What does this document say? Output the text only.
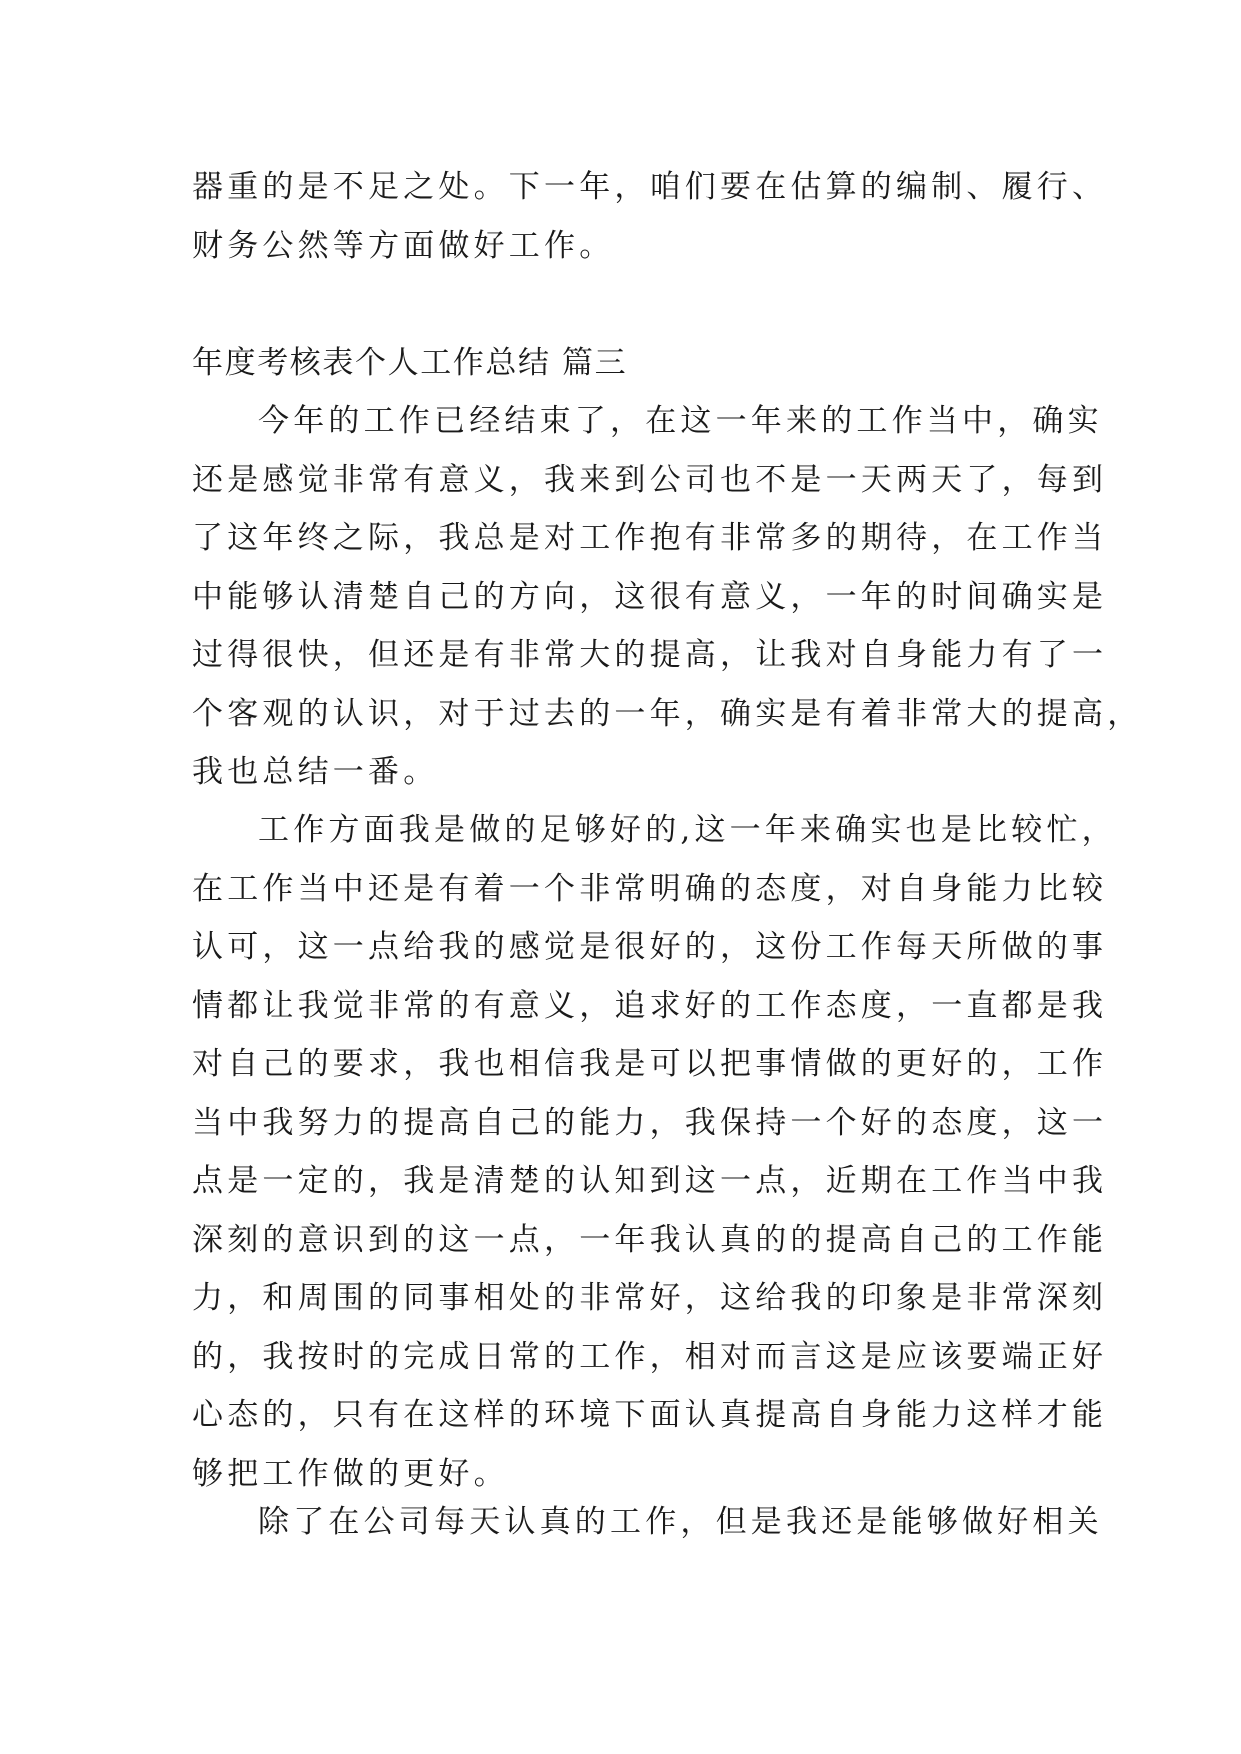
器重的是不足之处。下一年，咱们要在估算的编制、履行、
财务公然等方面做好工作。
年度考核表个人工作总结 篇三
今年的工作已经结束了，在这一年来的工作当中，确实
还是感觉非常有意义，我来到公司也不是一天两天了，每到
了这年终之际，我总是对工作抱有非常多的期待，在工作当
中能够认清楚自己的方向，这很有意义，一年的时间确实是
过得很快，但还是有非常大的提高，让我对自身能力有了一
个客观的认识，对于过去的一年，确实是有着非常大的提高，
我也总结一番。
工作方面我是做的足够好的,这一年来确实也是比较忙，
在工作当中还是有着一个非常明确的态度，对自身能力比较
认可，这一点给我的感觉是很好的，这份工作每天所做的事
情都让我觉非常的有意义，追求好的工作态度，一直都是我
对自己的要求，我也相信我是可以把事情做的更好的，工作
当中我努力的提高自己的能力，我保持一个好的态度，这一
点是一定的，我是清楚的认知到这一点，近期在工作当中我
深刻的意识到的这一点，一年我认真的的提高自己的工作能
力，和周围的同事相处的非常好，这给我的印象是非常深刻
的，我按时的完成日常的工作，相对而言这是应该要端正好
心态的，只有在这样的环境下面认真提高自身能力这样才能
够把工作做的更好。
除了在公司每天认真的工作，但是我还是能够做好相关
